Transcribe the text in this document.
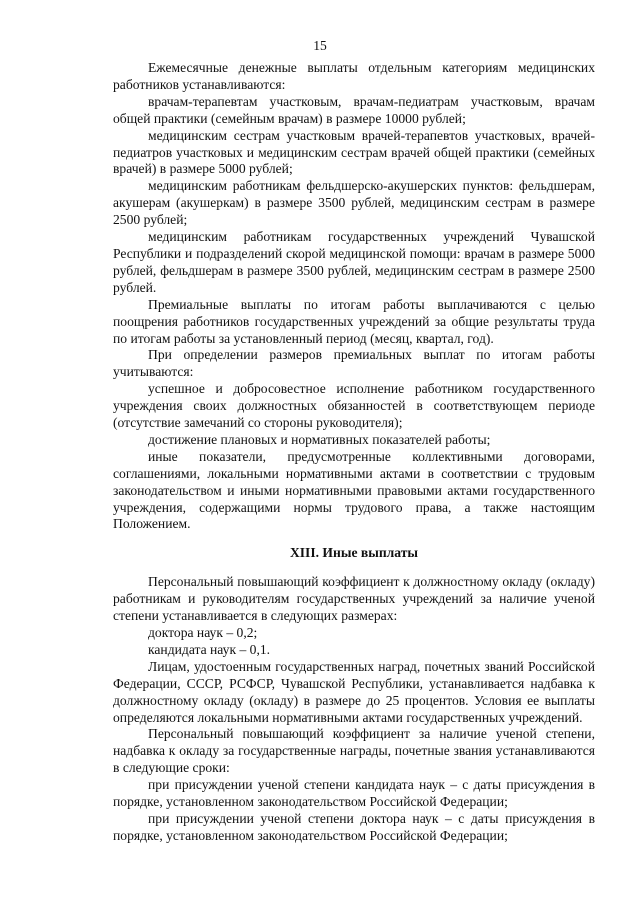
15

Ежемесячные денежные выплаты отдельным категориям медицинских работников устанавливаются:

врачам-терапевтам участковым, врачам-педиатрам участковым, врачам общей практики (семейным врачам) в размере 10000 рублей;

медицинским сестрам участковым врачей-терапевтов участковых, врачей-педиатров участковых и медицинским сестрам врачей общей практики (семейных врачей) в размере 5000 рублей;

медицинским работникам фельдшерско-акушерских пунктов: фельдшерам, акушерам (акушеркам) в размере 3500 рублей, медицинским сестрам в размере 2500 рублей;

медицинским работникам государственных учреждений Чувашской Республики и подразделений скорой медицинской помощи: врачам в размере 5000 рублей, фельдшерам в размере 3500 рублей, медицинским сестрам в размере 2500 рублей.

Премиальные выплаты по итогам работы выплачиваются с целью поощрения работников государственных учреждений за общие результаты труда по итогам работы за установленный период (месяц, квартал, год).

При определении размеров премиальных выплат по итогам работы учитываются:

успешное и добросовестное исполнение работником государственного учреждения своих должностных обязанностей в соответствующем периоде (отсутствие замечаний со стороны руководителя);

достижение плановых и нормативных показателей работы;

иные показатели, предусмотренные коллективными договорами, соглашениями, локальными нормативными актами в соответствии с трудовым законодательством и иными нормативными правовыми актами государственного учреждения, содержащими нормы трудового права, а также настоящим Положением.

XIII. Иные выплаты

Персональный повышающий коэффициент к должностному окладу (окладу) работникам и руководителям государственных учреждений за наличие ученой степени устанавливается в следующих размерах:

доктора наук – 0,2;

кандидата наук – 0,1.

Лицам, удостоенным государственных наград, почетных званий Российской Федерации, СССР, РСФСР, Чувашской Республики, устанавливается надбавка к должностному окладу (окладу) в размере до 25 процентов. Условия ее выплаты определяются локальными нормативными актами государственных учреждений.

Персональный повышающий коэффициент за наличие ученой степени, надбавка к окладу за государственные награды, почетные звания устанавливаются в следующие сроки:

при присуждении ученой степени кандидата наук – с даты присуждения в порядке, установленном законодательством Российской Федерации;

при присуждении ученой степени доктора наук – с даты присуждения в порядке, установленном законодательством Российской Федерации;
